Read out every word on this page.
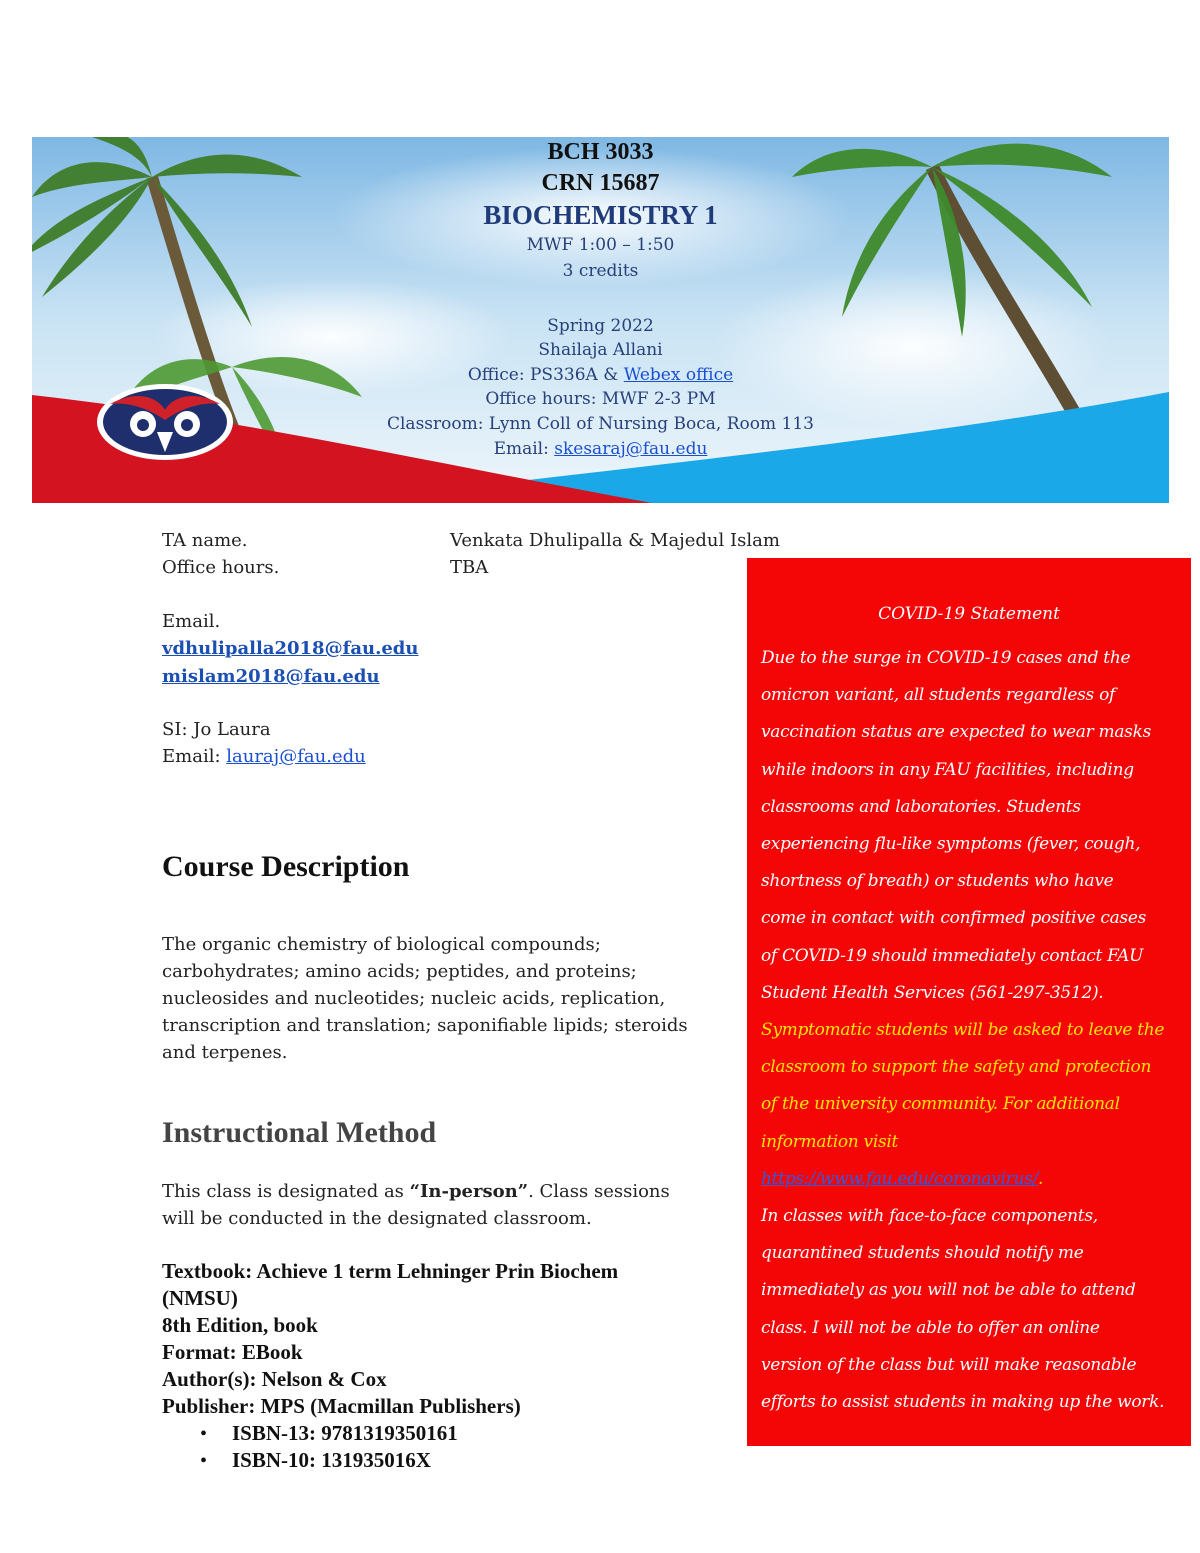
BCH 3033
CRN 15687
BIOCHEMISTRY 1
MWF 1:00 – 1:50
3 credits
Spring 2022
Shailaja Allani
Office: PS336A & Webex office
Office hours: MWF 2-3 PM
Classroom: Lynn Coll of Nursing Boca, Room 113
Email: skesaraj@fau.edu
TA name.	Venkata Dhulipalla & Majedul Islam
Office hours.	TBA
Email.
vdhulipalla2018@fau.edu
mislam2018@fau.edu
SI: Jo Laura
Email: lauraj@fau.edu
Course Description
The organic chemistry of biological compounds;
carbohydrates; amino acids; peptides, and proteins;
nucleosides and nucleotides; nucleic acids, replication,
transcription and translation; saponifiable lipids; steroids
and terpenes.
Instructional Method
This class is designated as “In-person”. Class sessions
will be conducted in the designated classroom.
Textbook: Achieve 1 term Lehninger Prin Biochem
(NMSU)
8th Edition, book
Format: EBook
Author(s): Nelson & Cox
Publisher: MPS (Macmillan Publishers)
• ISBN-13: 9781319350161
• ISBN-10: 131935016X
COVID-19 Statement
Due to the surge in COVID-19 cases and the
omicron variant, all students regardless of
vaccination status are expected to wear masks
while indoors in any FAU facilities, including
classrooms and laboratories. Students
experiencing flu-like symptoms (fever, cough,
shortness of breath) or students who have
come in contact with confirmed positive cases
of COVID-19 should immediately contact FAU
Student Health Services (561-297-3512).
Symptomatic students will be asked to leave the
classroom to support the safety and protection
of the university community. For additional
information visit
https://www.fau.edu/coronavirus/.
In classes with face-to-face components,
quarantined students should notify me
immediately as you will not be able to attend
class. I will not be able to offer an online
version of the class but will make reasonable
efforts to assist students in making up the work.
